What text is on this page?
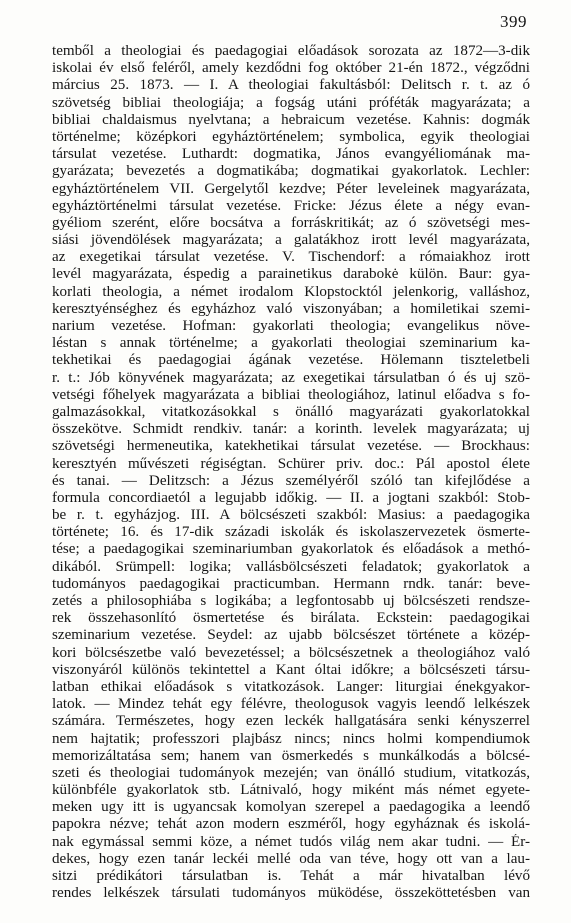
399
temből a theologiai és paedagogiai előadások sorozata az 1872—3-dik
iskolai év első feléről, amely kezdődni fog október 21-én 1872., végződni
március 25. 1873. — I. A theologiai fakultásból: Delitsch r. t. az ó
szövetség bibliai theologiája; a fogság utáni próféták magyarázata; a
bibliai chaldaismus nyelvtana; a hebraicum vezetése. Kahnis: dogmák
történelme; középkori egyháztörténelem; symbolica, egyik theologiai
társulat vezetése. Luthardt: dogmatika, János evangyéliomának ma-
gyarázata; bevezetés a dogmatikába; dogmatikai gyakorlatok. Lechler:
egyháztörténelem VII. Gergelytől kezdve; Péter leveleinek magyarázata,
egyháztörténelmi társulat vezetése. Fricke: Jézus élete a négy evan-
gyéliom szerént, előre bocsátva a forráskritikát; az ó szövetségi mes-
siási jövendölések magyarázata; a galatákhoz irott levél magyarázata,
az exegetikai társulat vezetése. V. Tischendorf: a rómaiakhoz irott
levél magyarázata, éspedig a parainetikus darabokė külön. Baur: gya-
korlati theologia, a német irodalom Klopstocktól jelenkorig, valláshoz,
keresztyénséghez és egyházhoz való viszonyában; a homiletikai szemi-
narium vezetése. Hofman: gyakorlati theologia; evangelikus növe-
léstan s annak történelme; a gyakorlati theologiai szeminarium ka-
tekhetikai és paedagogiai ágának vezetése. Hölemann tiszteletbeli
r. t.: Jób könyvének magyarázata; az exegetikai társulatban ó és uj szö-
vetségi főhelyek magyarázata a bibliai theologiához, latinul előadva s fo-
galmazásokkal, vitatkozásokkal s önálló magyarázati gyakorlatokkal
összekötve. Schmidt rendkiv. tanár: a korinth. levelek magyarázata; uj
szövetségi hermeneutika, katekhetikai társulat vezetése. — Brockhaus:
keresztyén művészeti régiségtan. Schürer priv. doc.: Pál apostol élete
és tanai. — Delitzsch: a Jézus személyéről szóló tan kifejlődése a
formula concordiaetól a legujabb időkig. — II. a jogtani szakból: Stob-
be r. t. egyházjog. III. A bölcsészeti szakból: Masius: a paedagogika
története; 16. és 17-dik századi iskolák és iskolaszervezetek ösmerte-
tése; a paedagogikai szeminariumban gyakorlatok és előadások a methó-
dikából. Srümpell: logika; vallásbölcsészeti feladatok; gyakorlatok a
tudományos paedagogikai practicumban. Hermann rndk. tanár: beve-
zetés a philosophiába s logikába; a legfontosabb uj bölcsészeti rendsze-
rek összehasonlító ösmertetése és birálata. Eckstein: paedagogikai
szeminarium vezetése. Seydel: az ujabb bölcsészet története a közép-
kori bölcsészetbe való bevezetéssel; a bölcsészetnek a theologiához való
viszonyáról különös tekintettel a Kant óltai időkre; a bölcsészeti társu-
latban ethikai előadások s vitatkozások. Langer: liturgiai énekgyakor-
latok. — Mindez tehát egy félévre, theologusok vagyis leendő lelkészek
számára. Természetes, hogy ezen leckék hallgatására senki kényszerrel
nem hajtatik; professzori plajbász nincs; nincs holmi kompendiumok
memorizáltatása sem; hanem van ösmerkedés s munkálkodás a bölcsé-
szeti és theologiai tudományok mezején; van önálló studium, vitatkozás,
különbféle gyakorlatok stb. Látnivaló, hogy miként más német egyete-
meken ugy itt is ugyancsak komolyan szerepel a paedagogika a leendő
papokra nézve; tehát azon modern eszméről, hogy egyháznak és iskolá-
nak egymással semmi köze, a német tudós világ nem akar tudni. — Ér-
dekes, hogy ezen tanár leckéi mellé oda van téve, hogy ott van a lau-
sitzi prédikátori társulatban is. Tehát a már hivatalban lévő
rendes lelkészek társulati tudományos müködése, összeköttetésben van
